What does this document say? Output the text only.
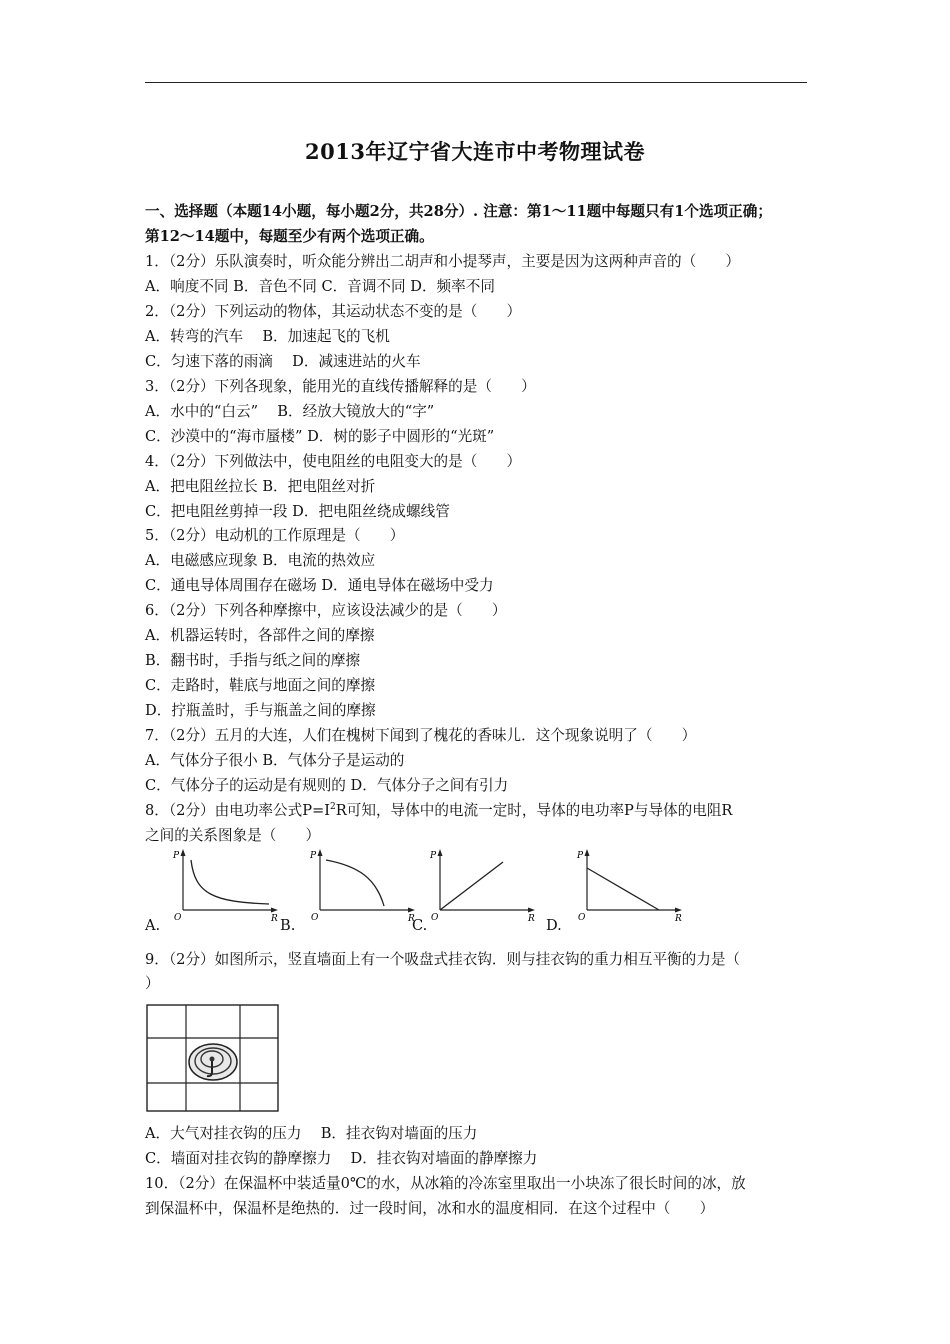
2013年辽宁省大连市中考物理试卷
一、选择题（本题14小题，每小题2分，共28分）. 注意：第1～11题中每题只有1个选项正确；
第12～14题中，每题至少有两个选项正确。
1．（2分）乐队演奏时，听众能分辨出二胡声和小提琴声，主要是因为这两种声音的（　　）
A．响度不同 B．音色不同 C．音调不同 D．频率不同
2．（2分）下列运动的物体，其运动状态不变的是（　　）
A．转弯的汽车　 B．加速起飞的飞机
C．匀速下落的雨滴　 D．减速进站的火车
3．（2分）下列各现象，能用光的直线传播解释的是（　　）
A．水中的“白云”　 B．经放大镜放大的“字”
C．沙漠中的“海市蜃楼” D．树的影子中圆形的“光斑”
4．（2分）下列做法中，使电阻丝的电阻变大的是（　　）
A．把电阻丝拉长 B．把电阻丝对折
C．把电阻丝剪掉一段 D．把电阻丝绕成螺线管
5．（2分）电动机的工作原理是（　　）
A．电磁感应现象 B．电流的热效应
C．通电导体周围存在磁场 D．通电导体在磁场中受力
6．（2分）下列各种摩擦中，应该设法减少的是（　　）
A．机器运转时，各部件之间的摩擦
B．翻书时，手指与纸之间的摩擦
C．走路时，鞋底与地面之间的摩擦
D．拧瓶盖时，手与瓶盖之间的摩擦
7．（2分）五月的大连，人们在槐树下闻到了槐花的香味儿．这个现象说明了（　　）
A．气体分子很小 B．气体分子是运动的
C．气体分子的运动是有规则的 D．气体分子之间有引力
8．（2分）由电功率公式$P=I^2R$可知，导体中的电流一定时，导体的电功率P与导体的电阻R
之间的关系图象是（　　）
P
O	R
A.
P
O	R
B.
P
O	R
C.
P
O	R
D.
9．（2分）如图所示，竖直墙面上有一个吸盘式挂衣钩．则与挂衣钩的重力相互平衡的力是（
）
A．大气对挂衣钩的压力　 B．挂衣钩对墙面的压力
C．墙面对挂衣钩的静摩擦力　 D．挂衣钩对墙面的静摩擦力
10．（2分）在保温杯中装适量0℃的水，从冰箱的冷冻室里取出一小块冻了很长时间的冰，放
到保温杯中，保温杯是绝热的．过一段时间，冰和水的温度相同．在这个过程中（　　）
